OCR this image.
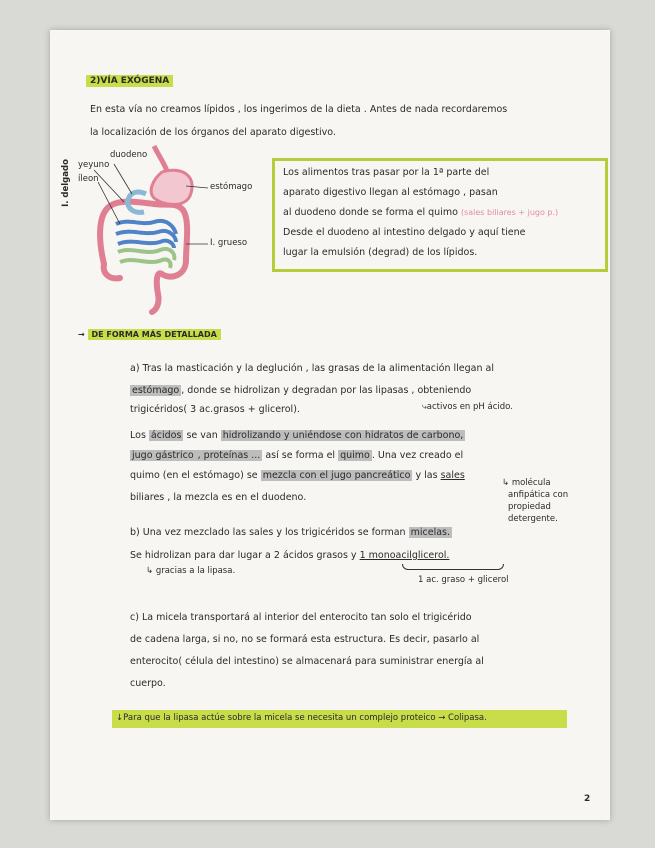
2)VÍA EXÓGENA
En esta vía no creamos lípidos , los ingerimos de la dieta . Antes de nada recordaremos
la localización de los órganos del aparato digestivo.
duodeno
yeyuno
íleon
estómago
I. grueso
I. delgado	Los alimentos tras pasar por la 1ª parte del
aparato digestivo llegan al estómago , pasan
al duodeno donde se forma el quimo (sales biliares + jugo p.)
Desde el duodeno al intestino delgado y aquí tiene
lugar la emulsión (degrad) de los lípidos.
→ DE FORMA MÁS DETALLADA
a) Tras la masticación y la deglución , las grasas de la alimentación llegan al
estómago , donde se hidrolizan y degradan por las lipasas , obteniendo
trigicéridos( 3 ac.grasos + glicerol).	⤷activos en pH ácido.
Los ácidos se van hidrolizando y uniéndose con hidratos de carbono,
jugo gástrico , proteínas ... así se forma el quimo . Una vez creado el
quimo (en el estómago) se mezcla con el jugo pancreático y las sales
biliares , la mezcla es en el duodeno.
↳ molécula
anfipática con
propiedad
detergente.
b) Una vez mezclado las sales y los trigicéridos se forman micelas.
Se hidrolizan para dar lugar a 2 ácidos grasos y 1 monoacilglicerol.
↳ gracias a la lipasa.
1 ac. graso + glicerol
c) La micela transportará al interior del enterocito tan solo el trigicérido
de cadena larga, si no, no se formará esta estructura. Es decir, pasarlo al
enterocito( célula del intestino) se almacenará para suministrar energía al
cuerpo.
↓Para que la lipasa actúe sobre la micela se necesita un complejo proteico → Colipasa.
2
